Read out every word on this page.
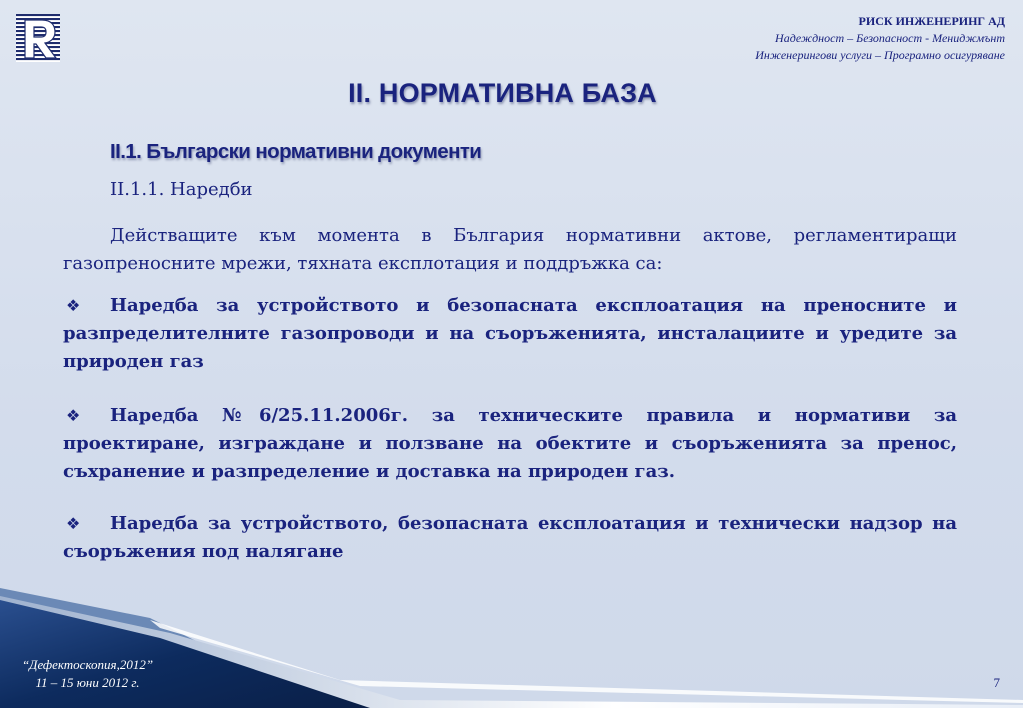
РИСК ИНЖЕНЕРИНГ АД
Надеждност – Безопасност - Мениджмънт
Инженерингови услуги – Програмно осигуряване
II. НОРМАТИВНА БАЗА
II.1. Български нормативни документи
II.1.1. Наредби
Действащите към момента в България нормативни актове, регламентиращи газопреносните мрежи, тяхната експлотация и поддръжка са:
❖ Наредба за устройството и безопасната експлоатация на преносните и разпределителните газопроводи и на съоръженията, инсталациите и уредите за природен газ
❖ Наредба №6/25.11.2006г. за техническите правила и нормативи за проектиране, изграждане и ползване на обектите и съоръженията за пренос, съхранение и разпределение и доставка на природен газ.
❖ Наредба за устройството, безопасната експлоатация и технически надзор на съоръжения под налягане
“Дефектоскопия,2012”
11 – 15 юни 2012 г.	7
